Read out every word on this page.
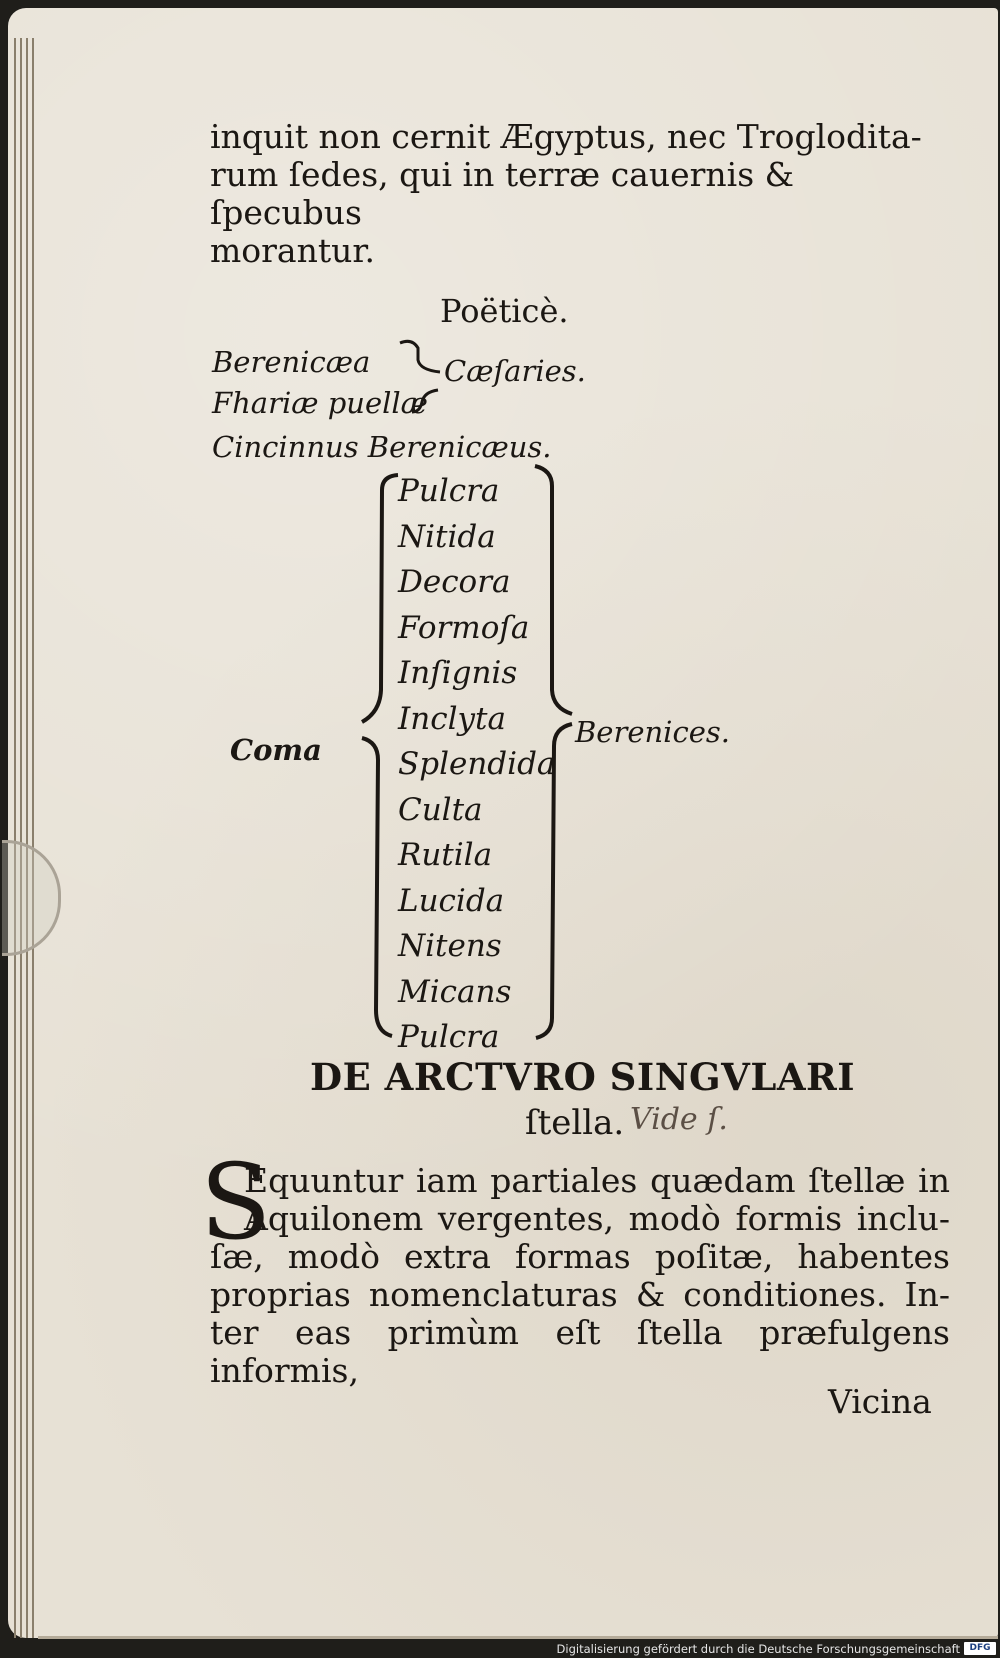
inquit non cernit Ægyptus, nec Troglodita-
rum ſedes, qui in terræ cauernis & ſpecubus
morantur.
Poëticè.
Berenicæa
Fhariæ puellæ
Cincinnus Berenicæus.
Cæſaries.
Coma
Berenices.
Pulcra
Nitida
Decora
Formoſa
Inſignis
Inclyta
Splendida
Culta
Rutila
Lucida
Nitens
Micans
Pulcra
DE ARCTVRO SINGVLARI
ſtella. Vide ſ.
S
Equuntur iam partiales quædam ſtellæ in
Aquilonem vergentes, modò formis inclu-
ſæ, modò extra formas poſitæ, habentes
proprias nomenclaturas & conditiones. In-
ter eas primùm eſt ſtella præfulgens informis,
Vicina
Digitalisierung gefördert durch die Deutsche Forschungsgemeinschaft	DFG
